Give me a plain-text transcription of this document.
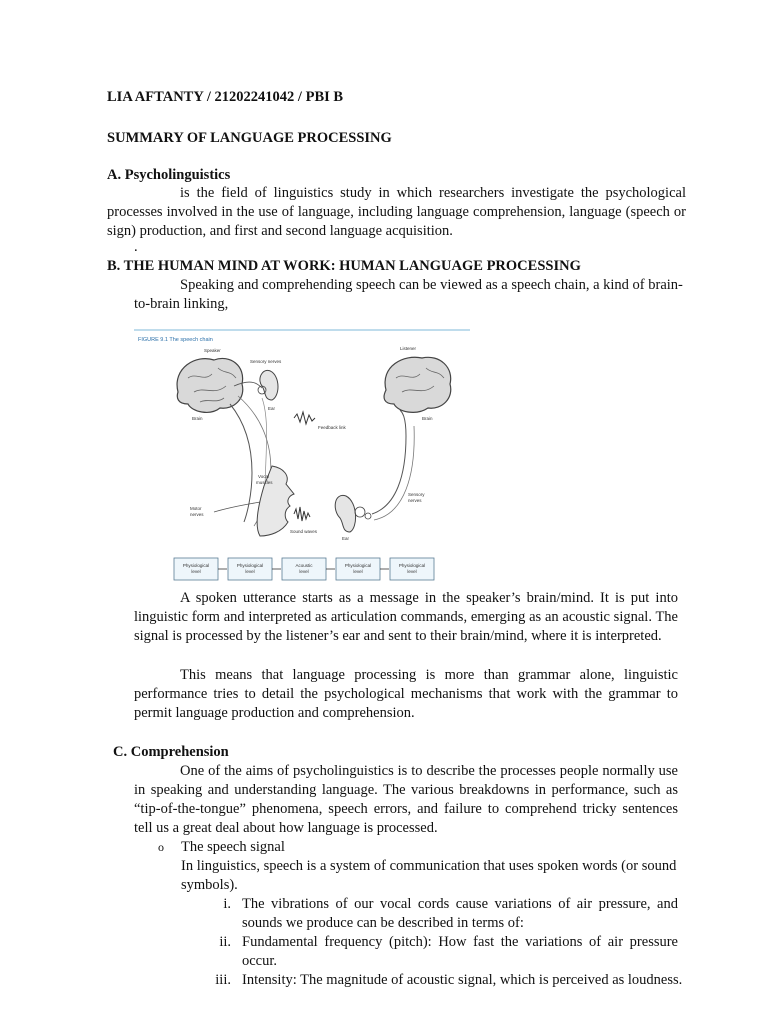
LIA AFTANTY / 21202241042 / PBI B
SUMMARY OF LANGUAGE PROCESSING
A. Psycholinguistics
is the field of linguistics study in which researchers investigate the psychological processes involved in the use of language, including language comprehension, language (speech or sign) production, and first and second language acquisition.
.
B. THE HUMAN MIND AT WORK: HUMAN LANGUAGE PROCESSING
Speaking and comprehending speech can be viewed as a speech chain, a kind of brain-to-brain linking,
FIGURE 9.1 The speech chain
Speaker
Brain
Sensory nerves
Ear
Feedback link
Vocal
muscles
Motor
nerves
Sound waves
Ear
Sensory
nerves
Listener
Brain
Physiological
level
Physiological
level
Acoustic
level
Physiological
level
Physiological
level
A spoken utterance starts as a message in the speaker’s brain/mind. It is put into linguistic form and interpreted as articulation commands, emerging as an acoustic signal. The signal is processed by the listener’s ear and sent to their brain/mind, where it is interpreted.
This means that language processing is more than grammar alone, linguistic performance tries to detail the psychological mechanisms that work with the grammar to permit language production and comprehension.
C. Comprehension
One of the aims of psycholinguistics is to describe the processes people normally use in speaking and understanding language. The various breakdowns in performance, such as “tip-of-the-tongue” phenomena, speech errors, and failure to comprehend tricky sentences tell us a great deal about how language is processed.
o The speech signal
In linguistics, speech is a system of communication that uses spoken words (or sound symbols).
i. The vibrations of our vocal cords cause variations of air pressure, and sounds we produce can be described in terms of:
ii. Fundamental frequency (pitch): How fast the variations of air pressure occur.
iii. Intensity: The magnitude of acoustic signal, which is perceived as loudness.
